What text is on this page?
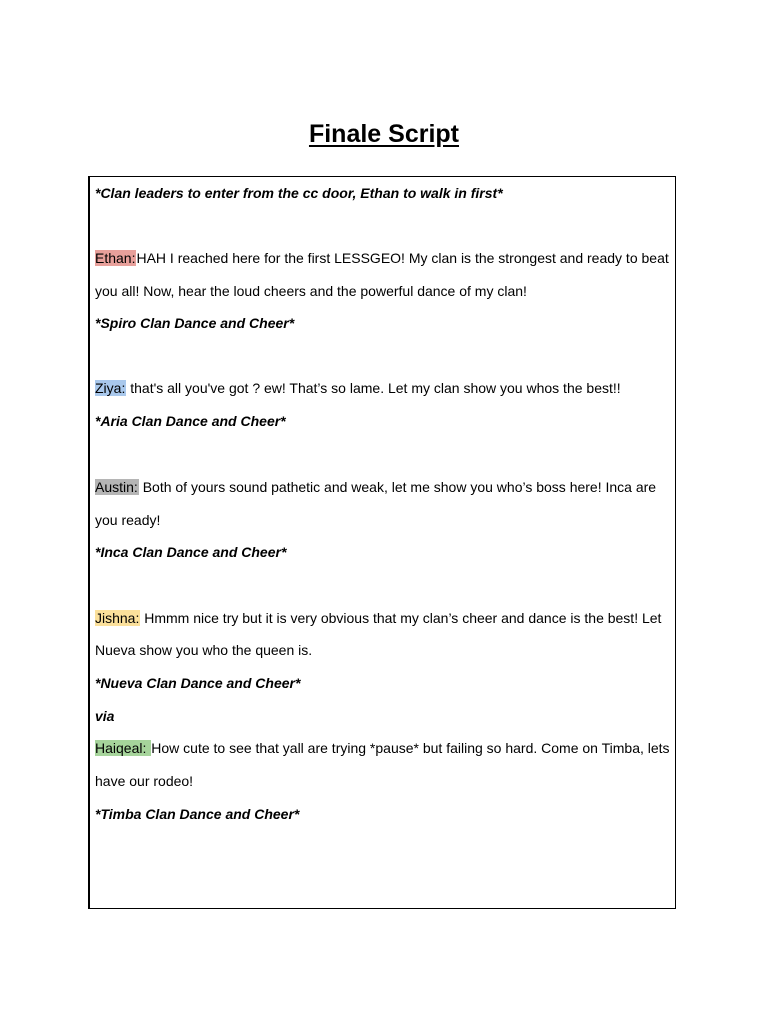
Finale Script
*Clan leaders to enter from the cc door, Ethan to walk in first*
Ethan:HAH I reached here for the first LESSGEO! My clan is the strongest and ready to beat
you all! Now, hear the loud cheers and the powerful dance of my clan!
*Spiro Clan Dance and Cheer*
Ziya: that's all you've got ? ew! That’s so lame. Let my clan show you whos the best!!
*Aria Clan Dance and Cheer*
Austin: Both of yours sound pathetic and weak, let me show you who’s boss here! Inca are
you ready!
*Inca Clan Dance and Cheer*
Jishna: Hmmm nice try but it is very obvious that my clan’s cheer and dance is the best! Let
Nueva show you who the queen is.
*Nueva Clan Dance and Cheer*
via
Haiqeal: How cute to see that yall are trying *pause* but failing so hard. Come on Timba, lets
have our rodeo!
*Timba Clan Dance and Cheer*
